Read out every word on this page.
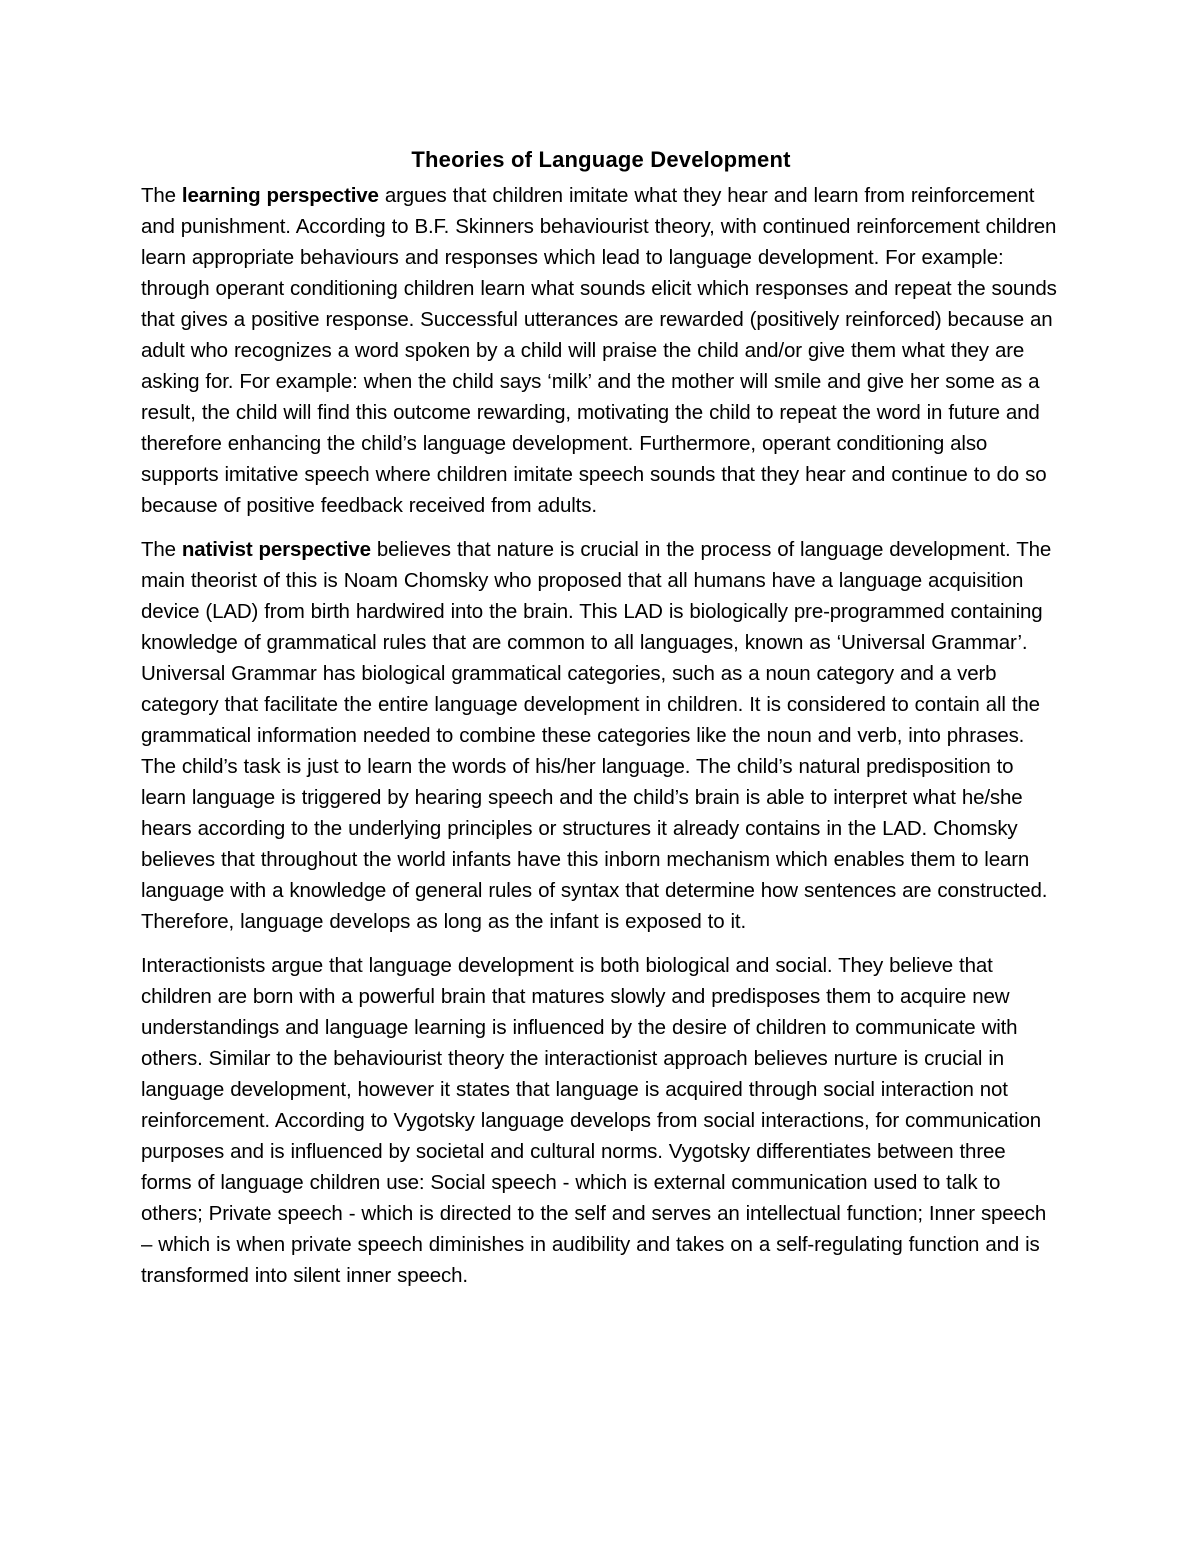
Theories of Language Development

The learning perspective argues that children imitate what they hear and learn from reinforcement and punishment. According to B.F. Skinners behaviourist theory, with continued reinforcement children learn appropriate behaviours and responses which lead to language development. For example: through operant conditioning children learn what sounds elicit which responses and repeat the sounds that gives a positive response. Successful utterances are rewarded (positively reinforced) because an adult who recognizes a word spoken by a child will praise the child and/or give them what they are asking for. For example: when the child says ‘milk’ and the mother will smile and give her some as a result, the child will find this outcome rewarding, motivating the child to repeat the word in future and therefore enhancing the child’s language development. Furthermore, operant conditioning also supports imitative speech where children imitate speech sounds that they hear and continue to do so because of positive feedback received from adults.

The nativist perspective believes that nature is crucial in the process of language development. The main theorist of this is Noam Chomsky who proposed that all humans have a language acquisition device (LAD) from birth hardwired into the brain. This LAD is biologically pre-programmed containing knowledge of grammatical rules that are common to all languages, known as ‘Universal Grammar’. Universal Grammar has biological grammatical categories, such as a noun category and a verb category that facilitate the entire language development in children. It is considered to contain all the grammatical information needed to combine these categories like the noun and verb, into phrases. The child’s task is just to learn the words of his/her language. The child’s natural predisposition to learn language is triggered by hearing speech and the child’s brain is able to interpret what he/she hears according to the underlying principles or structures it already contains in the LAD. Chomsky believes that throughout the world infants have this inborn mechanism which enables them to learn language with a knowledge of general rules of syntax that determine how sentences are constructed. Therefore, language develops as long as the infant is exposed to it.

Interactionists argue that language development is both biological and social. They believe that children are born with a powerful brain that matures slowly and predisposes them to acquire new understandings and language learning is influenced by the desire of children to communicate with others. Similar to the behaviourist theory the interactionist approach believes nurture is crucial in language development, however it states that language is acquired through social interaction not reinforcement. According to Vygotsky language develops from social interactions, for communication purposes and is influenced by societal and cultural norms. Vygotsky differentiates between three forms of language children use: Social speech - which is external communication used to talk to others; Private speech - which is directed to the self and serves an intellectual function; Inner speech – which is when private speech diminishes in audibility and takes on a self-regulating function and is transformed into silent inner speech.
